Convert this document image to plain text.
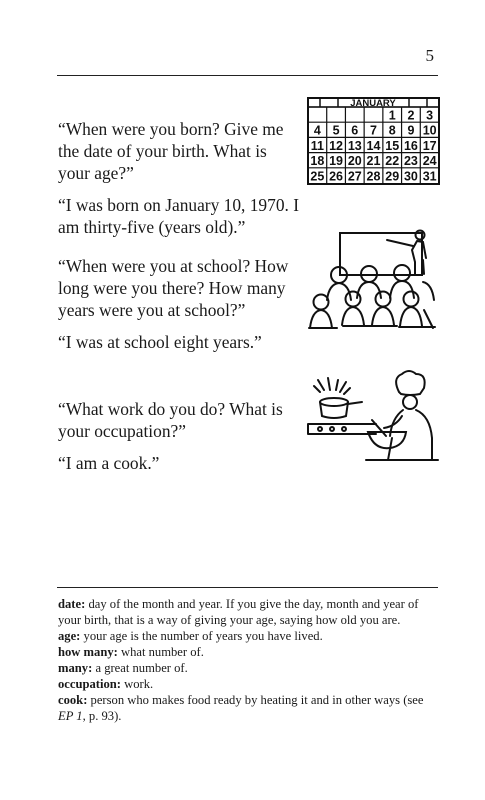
5

“When were you born? Give me the date of your birth. What is your age?”

“I was born on January 10, 1970. I am thirty-five (years old).”

JANUARY
1 2 3
4 5 6 7 8 9 10
11 12 13 14 15 16 17
18 19 20 21 22 23 24
25 26 27 28 29 30 31

“When were you at school? How long were you there? How many years were you at school?”

“I was at school eight years.”

“What work do you do? What is your occupation?”

“I am a cook.”

date: day of the month and year. If you give the day, month and year of your birth, that is a way of giving your age, saying how old you are.
age: your age is the number of years you have lived.
how many: what number of.
many: a great number of.
occupation: work.
cook: person who makes food ready by heating it and in other ways (see EP 1, p. 93).
